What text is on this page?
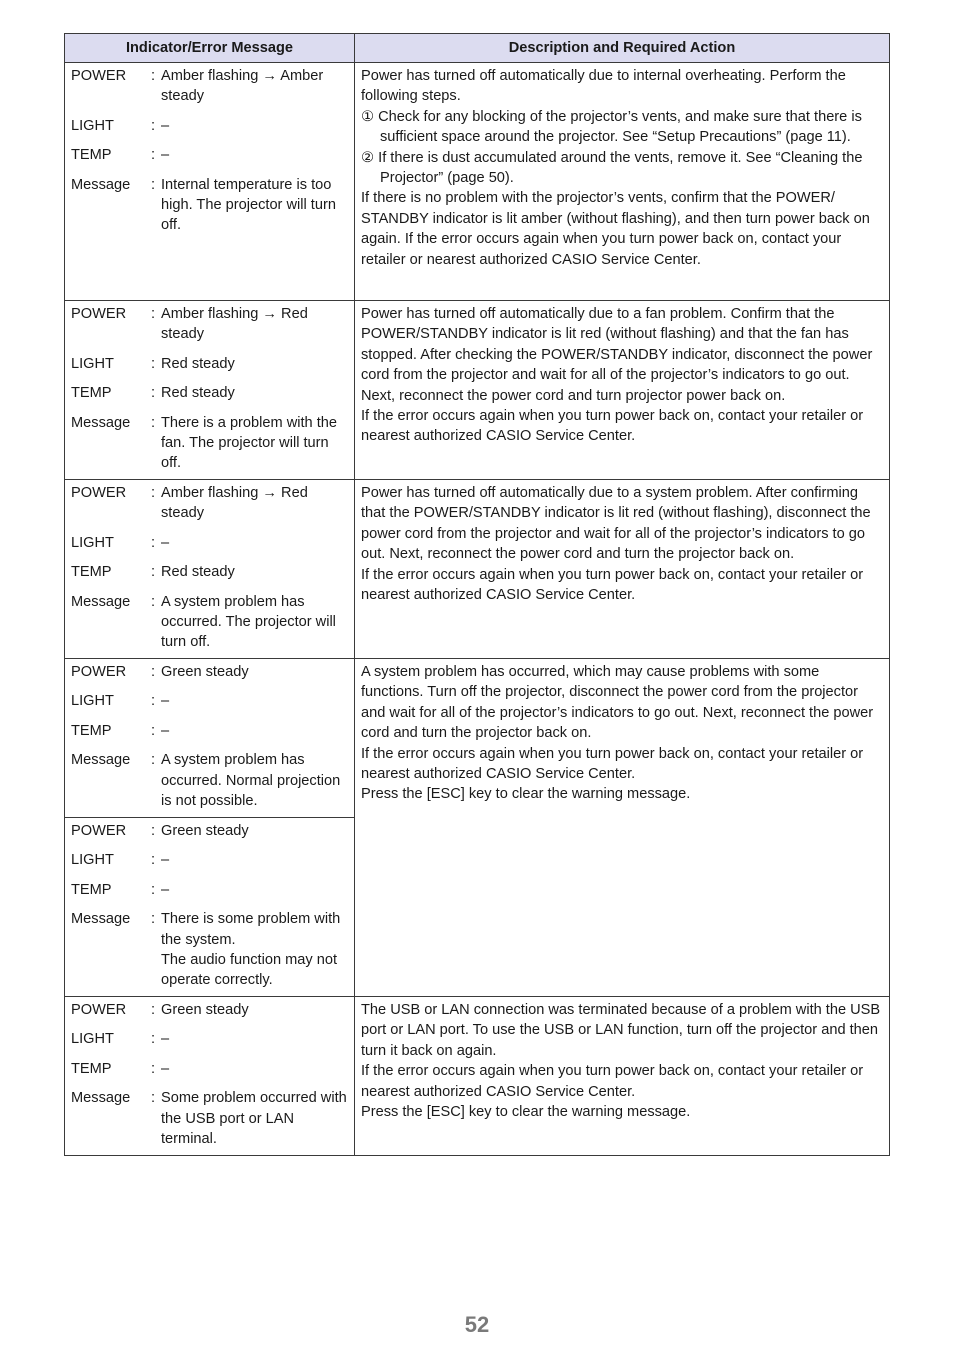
Indicator/Error Message	Description and Required Action

POWER	:	Amber flashing → Amber steady
LIGHT	:	–
TEMP	:	–
Message	:	Internal temperature is too high. The projector will turn off.

Power has turned off automatically due to internal overheating. Perform the following steps.

① Check for any blocking of the projector’s vents, and make sure that there is sufficient space around the projector. See “Setup Precautions” (page 11).

② If there is dust accumulated around the vents, remove it. See “Cleaning the Projector” (page 50).

If there is no problem with the projector’s vents, confirm that the POWER/ STANDBY indicator is lit amber (without flashing), and then turn power back on again. If the error occurs again when you turn power back on, contact your retailer or nearest authorized CASIO Service Center.

POWER	:	Amber flashing → Red steady
LIGHT	:	Red steady
TEMP	:	Red steady
Message	:	There is a problem with the fan. The projector will turn off.

Power has turned off automatically due to a fan problem. Confirm that the POWER/STANDBY indicator is lit red (without flashing) and that the fan has stopped. After checking the POWER/STANDBY indicator, disconnect the power cord from the projector and wait for all of the projector’s indicators to go out. Next, reconnect the power cord and turn projector power back on.

If the error occurs again when you turn power back on, contact your retailer or nearest authorized CASIO Service Center.

POWER	:	Amber flashing → Red steady
LIGHT	:	–
TEMP	:	Red steady
Message	:	A system problem has occurred. The projector will turn off.

Power has turned off automatically due to a system problem. After confirming that the POWER/STANDBY indicator is lit red (without flashing), disconnect the power cord from the projector and wait for all of the projector’s indicators to go out. Next, reconnect the power cord and turn the projector back on.

If the error occurs again when you turn power back on, contact your retailer or nearest authorized CASIO Service Center.

POWER	:	Green steady
LIGHT	:	–
TEMP	:	–
Message	:	A system problem has occurred. Normal projection is not possible.

A system problem has occurred, which may cause problems with some functions. Turn off the projector, disconnect the power cord from the projector and wait for all of the projector’s indicators to go out. Next, reconnect the power cord and turn the projector back on.

If the error occurs again when you turn power back on, contact your retailer or nearest authorized CASIO Service Center.

Press the [ESC] key to clear the warning message.

POWER	:	Green steady
LIGHT	:	–
TEMP	:	–
Message	:	There is some problem with the system.
The audio function may not operate correctly.

POWER	:	Green steady
LIGHT	:	–
TEMP	:	–
Message	:	Some problem occurred with the USB port or LAN terminal.

The USB or LAN connection was terminated because of a problem with the USB port or LAN port. To use the USB or LAN function, turn off the projector and then turn it back on again.

If the error occurs again when you turn power back on, contact your retailer or nearest authorized CASIO Service Center.

Press the [ESC] key to clear the warning message.

52
